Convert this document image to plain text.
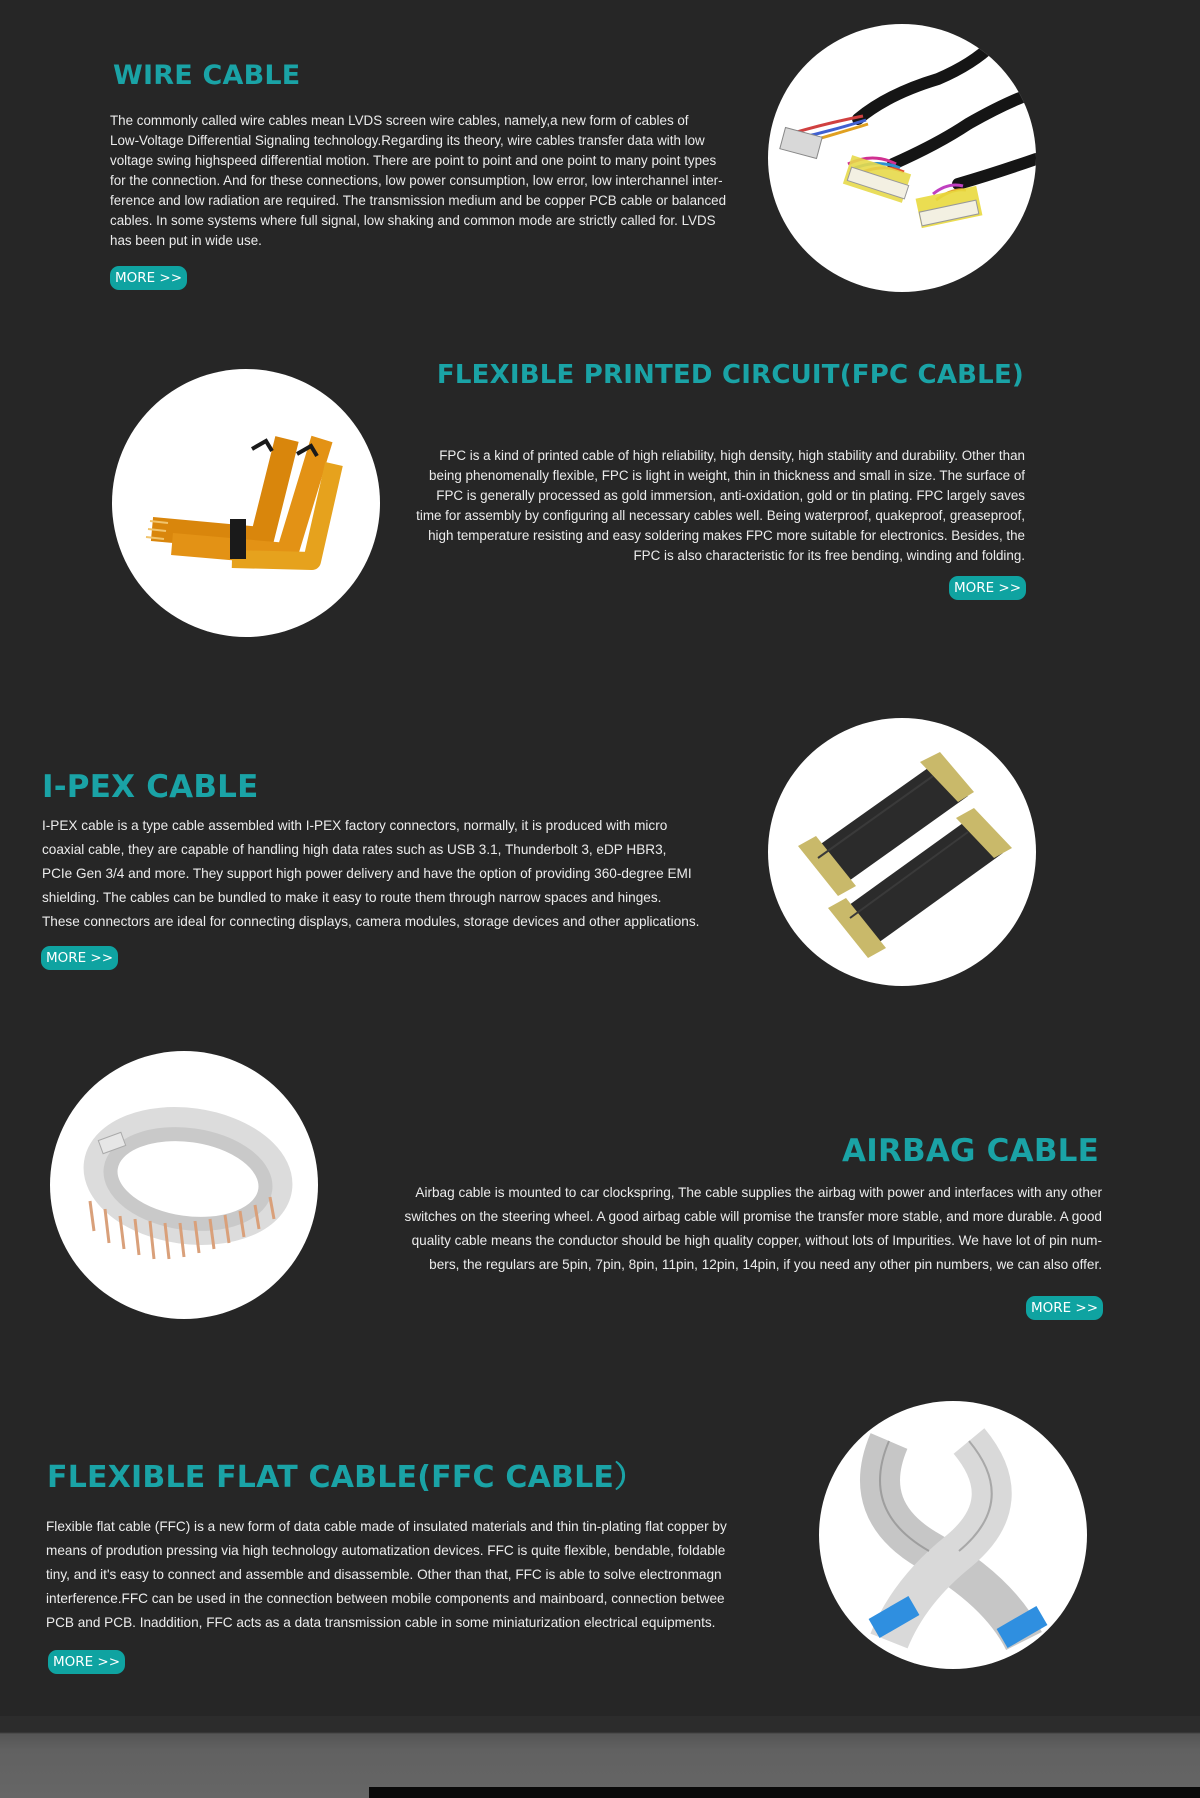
WIRE CABLE
The commonly called wire cables mean LVDS screen wire cables, namely,a new form of cables of
Low-Voltage Differential Signaling technology.Regarding its theory, wire cables transfer data with low
voltage swing highspeed differential motion. There are point to point and one point to many point types
for the connection. And for these connections, low power consumption, low error, low interchannel inter-
ference and low radiation are required. The transmission medium and be copper PCB cable or balanced
cables. In some systems where full signal, low shaking and common mode are strictly called for. LVDS
has been put in wide use.
MORE >>
FLEXIBLE PRINTED CIRCUIT(FPC CABLE)
FPC is a kind of printed cable of high reliability, high density, high stability and durability. Other than
being phenomenally flexible, FPC is light in weight, thin in thickness and small in size. The surface of
FPC is generally processed as gold immersion, anti-oxidation, gold or tin plating. FPC largely saves
time for assembly by configuring all necessary cables well. Being waterproof, quakeproof, greaseproof,
high temperature resisting and easy soldering makes FPC more suitable for electronics. Besides, the
FPC is also characteristic for its free bending, winding and folding.
MORE >>
I-PEX CABLE
I-PEX cable is a type cable assembled with I-PEX factory connectors, normally, it is produced with micro
coaxial cable, they are capable of handling high data rates such as USB 3.1, Thunderbolt 3, eDP HBR3,
PCIe Gen 3/4 and more. They support high power delivery and have the option of providing 360-degree EMI
shielding. The cables can be bundled to make it easy to route them through narrow spaces and hinges.
These connectors are ideal for connecting displays, camera modules, storage devices and other applications.
MORE >>
AIRBAG CABLE
Airbag cable is mounted to car clockspring, The cable supplies the airbag with power and interfaces with any other
switches on the steering wheel. A good airbag cable will promise the transfer more stable, and more durable. A good
quality cable means the conductor should be high quality copper, without lots of Impurities. We have lot of pin num-
bers, the regulars are 5pin, 7pin, 8pin, 11pin, 12pin, 14pin, if you need any other pin numbers, we can also offer.
MORE >>
FLEXIBLE FLAT CABLE(FFC CABLE）
Flexible flat cable (FFC) is a new form of data cable made of insulated materials and thin tin-plating flat copper by
means of prodution pressing via high technology automatization devices. FFC is quite flexible, bendable, foldable
tiny, and it's easy to connect and assemble and disassemble. Other than that, FFC is able to solve electronmagn
interference.FFC can be used in the connection between mobile components and mainboard, connection betwee
PCB and PCB. Inaddition, FFC acts as a data transmission cable in some miniaturization electrical equipments.
MORE >>
